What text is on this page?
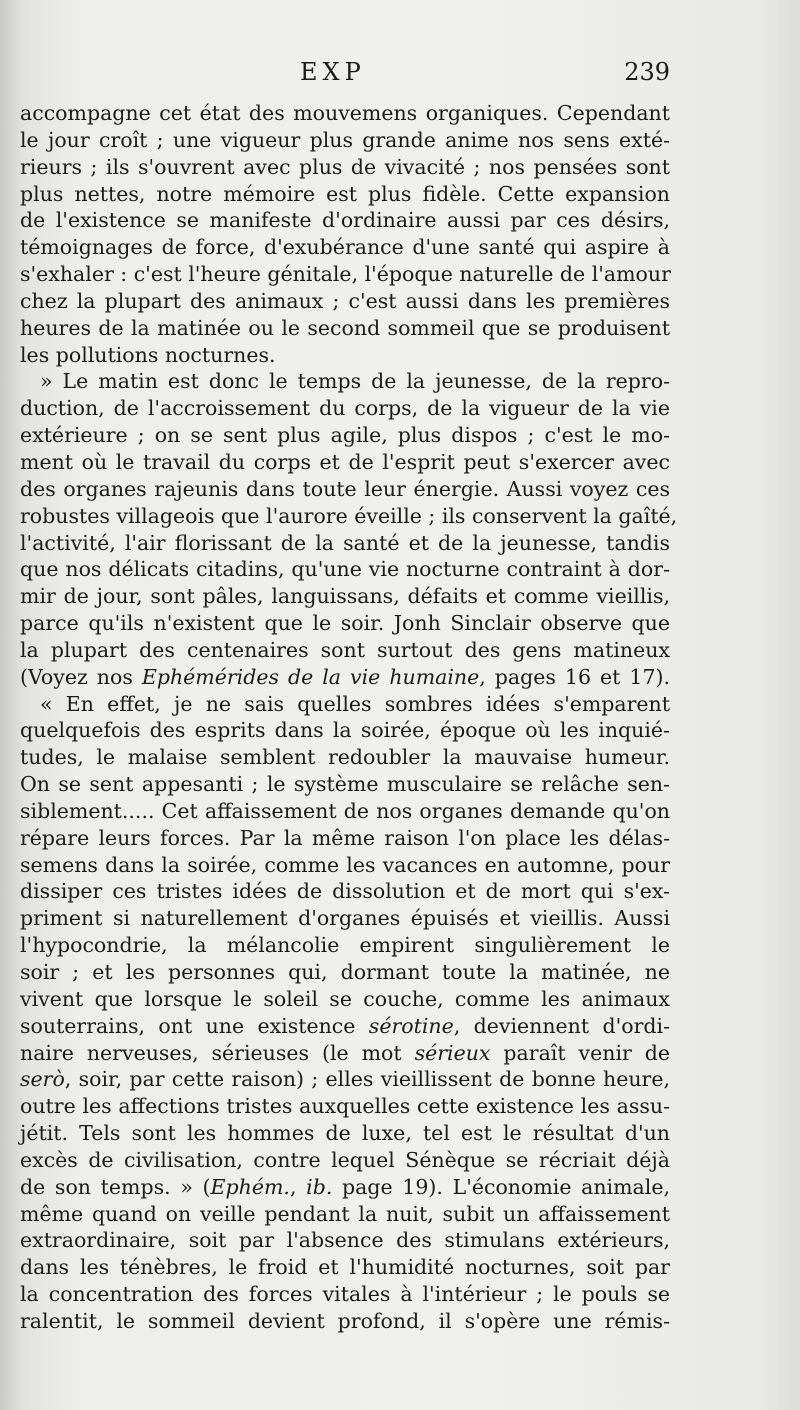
EXP	239
accompagne cet état des mouvemens organiques. Cependant
le jour croît ; une vigueur plus grande anime nos sens exté-
rieurs ; ils s'ouvrent avec plus de vivacité ; nos pensées sont
plus nettes, notre mémoire est plus fidèle. Cette expansion
de l'existence se manifeste d'ordinaire aussi par ces désirs,
témoignages de force, d'exubérance d'une santé qui aspire à
s'exhaler : c'est l'heure génitale, l'époque naturelle de l'amour
chez la plupart des animaux ; c'est aussi dans les premières
heures de la matinée ou le second sommeil que se produisent
les pollutions nocturnes.
» Le matin est donc le temps de la jeunesse, de la repro-
duction, de l'accroissement du corps, de la vigueur de la vie
extérieure ; on se sent plus agile, plus dispos ; c'est le mo-
ment où le travail du corps et de l'esprit peut s'exercer avec
des organes rajeunis dans toute leur énergie. Aussi voyez ces
robustes villageois que l'aurore éveille ; ils conservent la gaîté,
l'activité, l'air florissant de la santé et de la jeunesse, tandis
que nos délicats citadins, qu'une vie nocturne contraint à dor-
mir de jour, sont pâles, languissans, défaits et comme vieillis,
parce qu'ils n'existent que le soir. Jonh Sinclair observe que
la plupart des centenaires sont surtout des gens matineux
(Voyez nos Ephémérides de la vie humaine, pages 16 et 17).
« En effet, je ne sais quelles sombres idées s'emparent
quelquefois des esprits dans la soirée, époque où les inquié-
tudes, le malaise semblent redoubler la mauvaise humeur.
On se sent appesanti ; le système musculaire se relâche sen-
siblement..... Cet affaissement de nos organes demande qu'on
répare leurs forces. Par la même raison l'on place les délas-
semens dans la soirée, comme les vacances en automne, pour
dissiper ces tristes idées de dissolution et de mort qui s'ex-
priment si naturellement d'organes épuisés et vieillis. Aussi
l'hypocondrie, la mélancolie empirent singulièrement le
soir ; et les personnes qui, dormant toute la matinée, ne
vivent que lorsque le soleil se couche, comme les animaux
souterrains, ont une existence sérotine, deviennent d'ordi-
naire nerveuses, sérieuses (le mot sérieux paraît venir de
serò, soir, par cette raison) ; elles vieillissent de bonne heure,
outre les affections tristes auxquelles cette existence les assu-
jétit. Tels sont les hommes de luxe, tel est le résultat d'un
excès de civilisation, contre lequel Sénèque se récriait déjà
de son temps. » (Ephém., ib. page 19). L'économie animale,
même quand on veille pendant la nuit, subit un affaissement
extraordinaire, soit par l'absence des stimulans extérieurs,
dans les ténèbres, le froid et l'humidité nocturnes, soit par
la concentration des forces vitales à l'intérieur ; le pouls se
ralentit, le sommeil devient profond, il s'opère une rémis-
